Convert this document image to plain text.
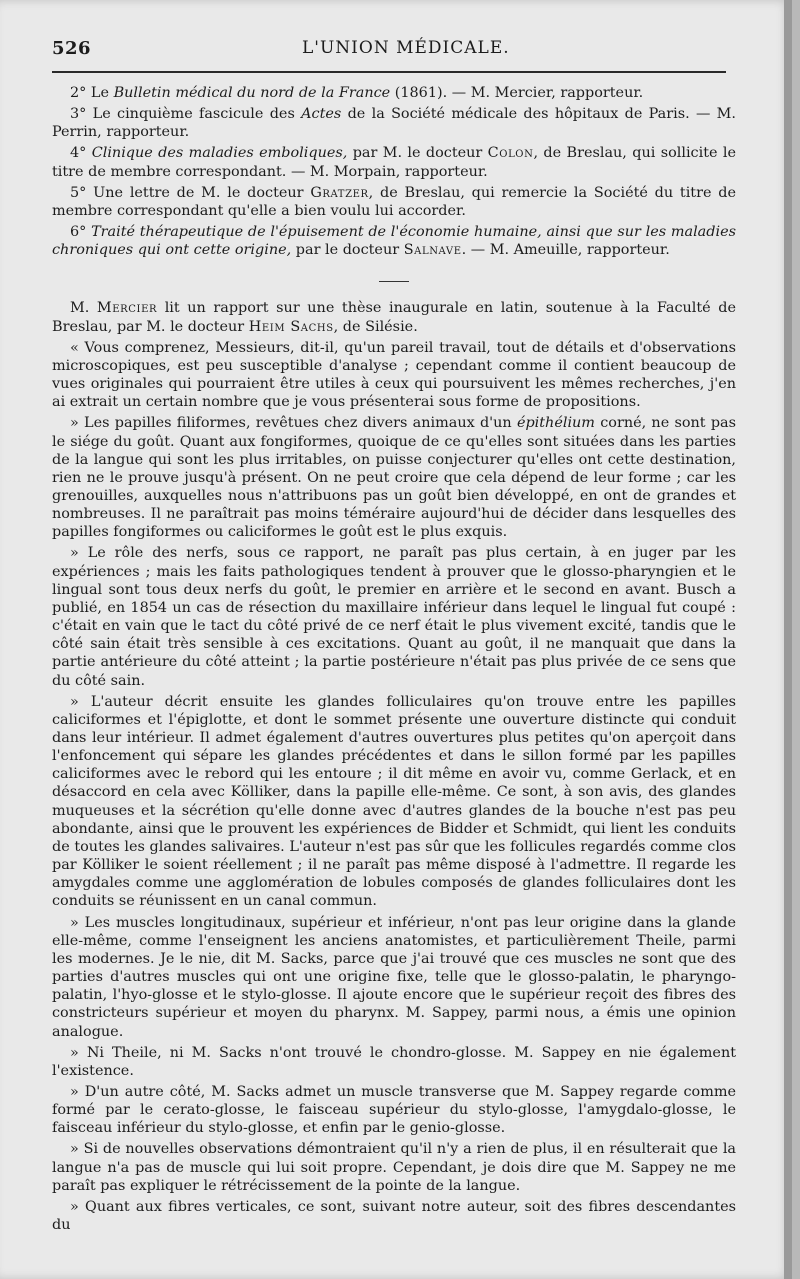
526	L'UNION MÉDICALE.

2° Le Bulletin médical du nord de la France (1861). — M. Mercier, rapporteur.

3° Le cinquième fascicule des Actes de la Société médicale des hôpitaux de Paris. — M. Perrin, rapporteur.

4° Clinique des maladies emboliques, par M. le docteur Colon, de Breslau, qui sollicite le titre de membre correspondant. — M. Morpain, rapporteur.

5° Une lettre de M. le docteur Gratzer, de Breslau, qui remercie la Société du titre de membre correspondant qu'elle a bien voulu lui accorder.

6° Traité thérapeutique de l'épuisement de l'économie humaine, ainsi que sur les maladies chroniques qui ont cette origine, par le docteur Salnave. — M. Ameuille, rapporteur.

M. Mercier lit un rapport sur une thèse inaugurale en latin, soutenue à la Faculté de Breslau, par M. le docteur Heim Sachs, de Silésie.

« Vous comprenez, Messieurs, dit-il, qu'un pareil travail, tout de détails et d'observations microscopiques, est peu susceptible d'analyse ; cependant comme il contient beaucoup de vues originales qui pourraient être utiles à ceux qui poursuivent les mêmes recherches, j'en ai extrait un certain nombre que je vous présenterai sous forme de propositions.

» Les papilles filiformes, revêtues chez divers animaux d'un épithélium corné, ne sont pas le siége du goût. Quant aux fongiformes, quoique de ce qu'elles sont situées dans les parties de la langue qui sont les plus irritables, on puisse conjecturer qu'elles ont cette destination, rien ne le prouve jusqu'à présent. On ne peut croire que cela dépend de leur forme ; car les grenouilles, auxquelles nous n'attribuons pas un goût bien développé, en ont de grandes et nombreuses. Il ne paraîtrait pas moins téméraire aujourd'hui de décider dans lesquelles des papilles fongiformes ou caliciformes le goût est le plus exquis.

» Le rôle des nerfs, sous ce rapport, ne paraît pas plus certain, à en juger par les expériences ; mais les faits pathologiques tendent à prouver que le glosso-pharyngien et le lingual sont tous deux nerfs du goût, le premier en arrière et le second en avant. Busch a publié, en 1854 un cas de résection du maxillaire inférieur dans lequel le lingual fut coupé : c'était en vain que le tact du côté privé de ce nerf était le plus vivement excité, tandis que le côté sain était très sensible à ces excitations. Quant au goût, il ne manquait que dans la partie antérieure du côté atteint ; la partie postérieure n'était pas plus privée de ce sens que du côté sain.

» L'auteur décrit ensuite les glandes folliculaires qu'on trouve entre les papilles caliciformes et l'épiglotte, et dont le sommet présente une ouverture distincte qui conduit dans leur intérieur. Il admet également d'autres ouvertures plus petites qu'on aperçoit dans l'enfoncement qui sépare les glandes précédentes et dans le sillon formé par les papilles caliciformes avec le rebord qui les entoure ; il dit même en avoir vu, comme Gerlack, et en désaccord en cela avec Kölliker, dans la papille elle-même. Ce sont, à son avis, des glandes muqueuses et la sécrétion qu'elle donne avec d'autres glandes de la bouche n'est pas peu abondante, ainsi que le prouvent les expériences de Bidder et Schmidt, qui lient les conduits de toutes les glandes salivaires. L'auteur n'est pas sûr que les follicules regardés comme clos par Kölliker le soient réellement ; il ne paraît pas même disposé à l'admettre. Il regarde les amygdales comme une agglomération de lobules composés de glandes folliculaires dont les conduits se réunissent en un canal commun.

» Les muscles longitudinaux, supérieur et inférieur, n'ont pas leur origine dans la glande elle-même, comme l'enseignent les anciens anatomistes, et particulièrement Theile, parmi les modernes. Je le nie, dit M. Sacks, parce que j'ai trouvé que ces muscles ne sont que des parties d'autres muscles qui ont une origine fixe, telle que le glosso-palatin, le pharyngo-palatin, l'hyo-glosse et le stylo-glosse. Il ajoute encore que le supérieur reçoit des fibres des constricteurs supérieur et moyen du pharynx. M. Sappey, parmi nous, a émis une opinion analogue.

» Ni Theile, ni M. Sacks n'ont trouvé le chondro-glosse. M. Sappey en nie également l'existence.

» D'un autre côté, M. Sacks admet un muscle transverse que M. Sappey regarde comme formé par le cerato-glosse, le faisceau supérieur du stylo-glosse, l'amygdalo-glosse, le faisceau inférieur du stylo-glosse, et enfin par le genio-glosse.

» Si de nouvelles observations démontraient qu'il n'y a rien de plus, il en résulterait que la langue n'a pas de muscle qui lui soit propre. Cependant, je dois dire que M. Sappey ne me paraît pas expliquer le rétrécissement de la pointe de la langue.

» Quant aux fibres verticales, ce sont, suivant notre auteur, soit des fibres descendantes du
